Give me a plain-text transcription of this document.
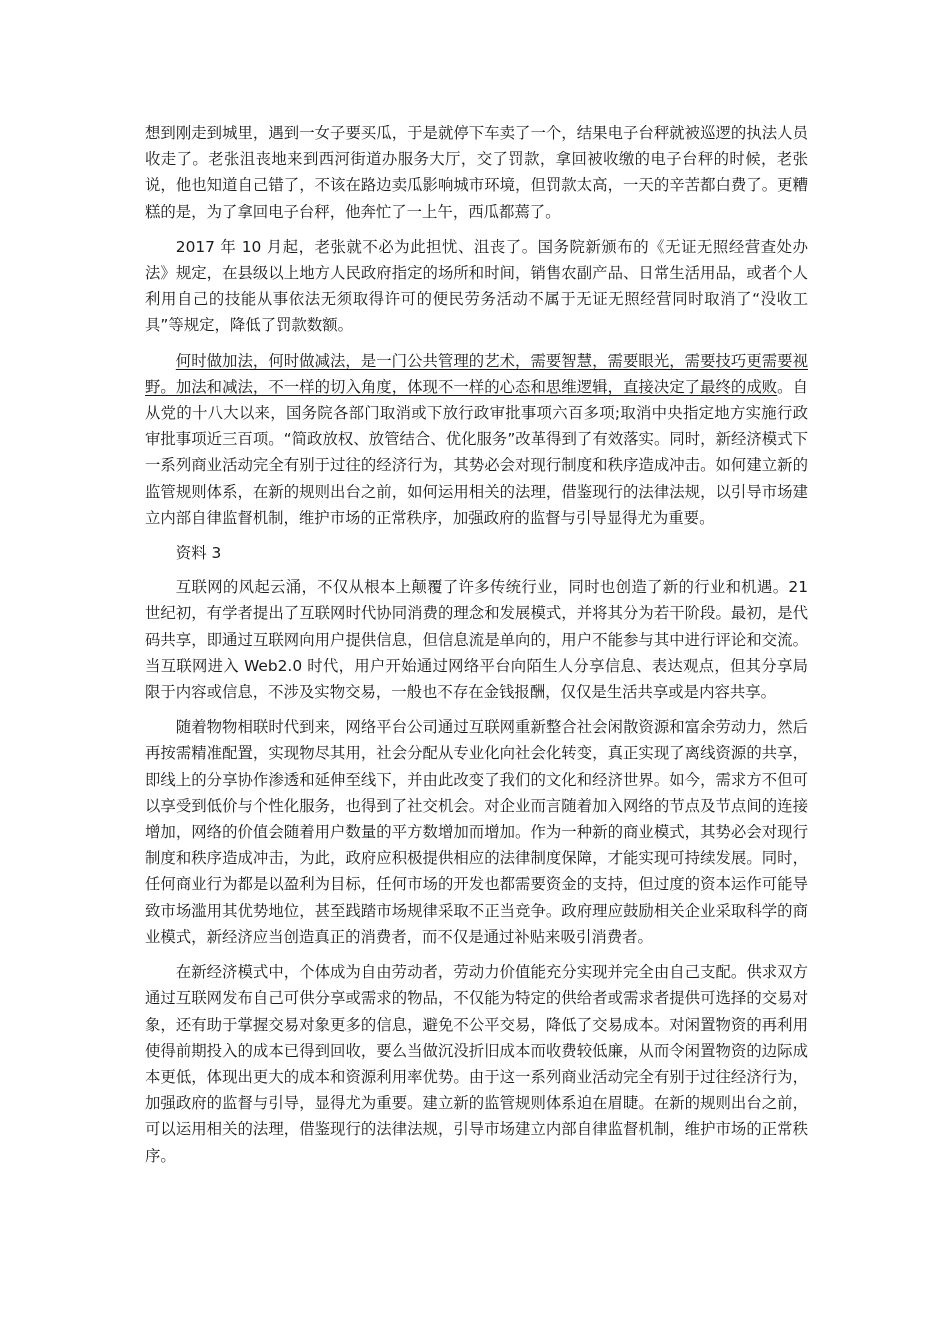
想到刚走到城里，遇到一女子要买瓜，于是就停下车卖了一个，结果电子台秤就被巡逻的执法人员收走了。老张沮丧地来到西河街道办服务大厅，交了罚款，拿回被收缴的电子台秤的时候，老张说，他也知道自己错了，不该在路边卖瓜影响城市环境，但罚款太高，一天的辛苦都白费了。更糟糕的是，为了拿回电子台秤，他奔忙了一上午，西瓜都蔫了。

2017 年 10 月起，老张就不必为此担忧、沮丧了。国务院新颁布的《无证无照经营查处办法》规定，在县级以上地方人民政府指定的场所和时间，销售农副产品、日常生活用品，或者个人利用自己的技能从事依法无须取得许可的便民劳务活动不属于无证无照经营同时取消了“没收工具”等规定，降低了罚款数额。

何时做加法，何时做减法，是一门公共管理的艺术，需要智慧，需要眼光，需要技巧更需要视野。加法和减法，不一样的切入角度，体现不一样的心态和思维逻辑，直接决定了最终的成败。自从党的十八大以来，国务院各部门取消或下放行政审批事项六百多项;取消中央指定地方实施行政审批事项近三百项。“简政放权、放管结合、优化服务”改革得到了有效落实。同时，新经济模式下一系列商业活动完全有别于过往的经济行为，其势必会对现行制度和秩序造成冲击。如何建立新的监管规则体系，在新的规则出台之前，如何运用相关的法理，借鉴现行的法律法规，以引导市场建立内部自律监督机制，维护市场的正常秩序，加强政府的监督与引导显得尤为重要。

资料 3

互联网的风起云涌，不仅从根本上颠覆了许多传统行业，同时也创造了新的行业和机遇。21 世纪初，有学者提出了互联网时代协同消费的理念和发展模式，并将其分为若干阶段。最初，是代码共享，即通过互联网向用户提供信息，但信息流是单向的，用户不能参与其中进行评论和交流。当互联网进入 Web2.0 时代，用户开始通过网络平台向陌生人分享信息、表达观点，但其分享局限于内容或信息，不涉及实物交易，一般也不存在金钱报酬，仅仅是生活共享或是内容共享。

随着物物相联时代到来，网络平台公司通过互联网重新整合社会闲散资源和富余劳动力，然后再按需精准配置，实现物尽其用，社会分配从专业化向社会化转变，真正实现了离线资源的共享，即线上的分享协作渗透和延伸至线下，并由此改变了我们的文化和经济世界。如今，需求方不但可以享受到低价与个性化服务，也得到了社交机会。对企业而言随着加入网络的节点及节点间的连接增加，网络的价值会随着用户数量的平方数增加而增加。作为一种新的商业模式，其势必会对现行制度和秩序造成冲击，为此，政府应积极提供相应的法律制度保障，才能实现可持续发展。同时，任何商业行为都是以盈利为目标，任何市场的开发也都需要资金的支持，但过度的资本运作可能导致市场滥用其优势地位，甚至践踏市场规律采取不正当竞争。政府理应鼓励相关企业采取科学的商业模式，新经济应当创造真正的消费者，而不仅是通过补贴来吸引消费者。

在新经济模式中，个体成为自由劳动者，劳动力价值能充分实现并完全由自己支配。供求双方通过互联网发布自己可供分享或需求的物品，不仅能为特定的供给者或需求者提供可选择的交易对象，还有助于掌握交易对象更多的信息，避免不公平交易，降低了交易成本。对闲置物资的再利用使得前期投入的成本已得到回收，要么当做沉没折旧成本而收费较低廉，从而令闲置物资的边际成本更低，体现出更大的成本和资源利用率优势。由于这一系列商业活动完全有别于过往经济行为，加强政府的监督与引导，显得尤为重要。建立新的监管规则体系迫在眉睫。在新的规则出台之前，可以运用相关的法理，借鉴现行的法律法规，引导市场建立内部自律监督机制，维护市场的正常秩序。
